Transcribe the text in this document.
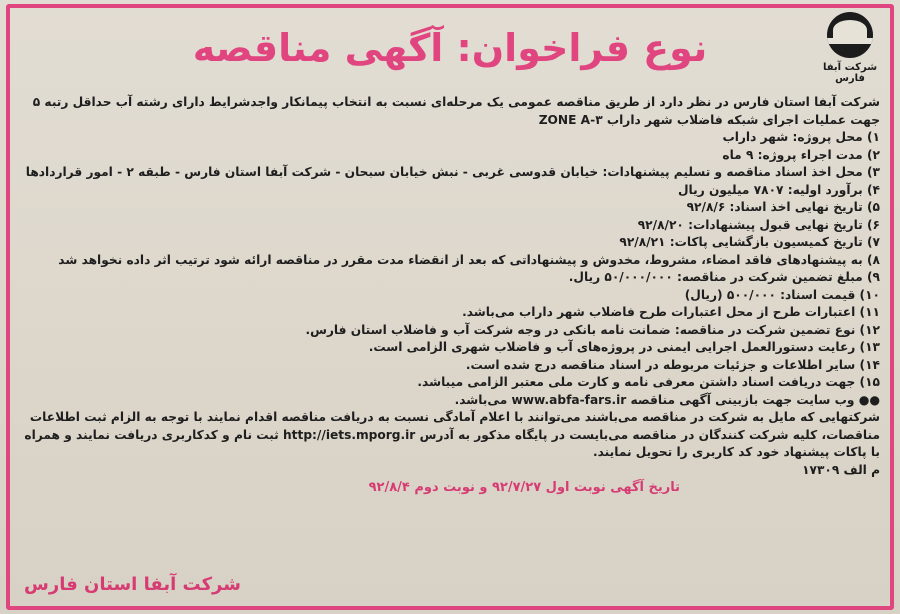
شرکت آبفا فارس
نوع فراخوان: آگهی مناقصه

شرکت آبفا استان فارس در نظر دارد از طریق مناقصه عمومی یک مرحله‌ای نسبت به انتخاب پیمانکار واجدشرایط دارای رشته آب حداقل رتبه ۵ جهت عملیات اجرای شبکه فاضلاب شهر داراب ۳-ZONE A

۱) محل پروژه: شهر داراب
۲) مدت اجراء پروژه: ۹ ماه
۳) محل اخذ اسناد مناقصه و تسلیم پیشنهادات: خیابان قدوسی غربی - نبش خیابان سبحان - شرکت آبفا استان فارس - طبقه ۲ - امور قراردادها
۴) برآورد اولیه: ۷۸۰۷ میلیون ریال
۵) تاریخ نهایی اخذ اسناد: ۹۲/۸/۶
۶) تاریخ نهایی قبول پیشنهادات: ۹۲/۸/۲۰
۷) تاریخ کمیسیون بازگشایی پاکات: ۹۲/۸/۲۱
۸) به پیشنهادهای فاقد امضاء، مشروط، مخدوش و پیشنهاداتی که بعد از انقضاء مدت مقرر در مناقصه ارائه شود ترتیب اثر داده نخواهد شد
۹) مبلغ تضمین شرکت در مناقصه: ۵۰/۰۰۰/۰۰۰ ریال.
۱۰) قیمت اسناد: ۵۰۰/۰۰۰ (ریال)
۱۱) اعتبارات طرح از محل اعتبارات طرح فاضلاب شهر داراب می‌باشد.
۱۲) نوع تضمین شرکت در مناقصه: ضمانت نامه بانکی در وجه شرکت آب و فاضلاب استان فارس.
۱۳) رعایت دستورالعمل اجرایی ایمنی در پروژه‌های آب و فاضلاب شهری الزامی است.
۱۴) سایر اطلاعات و جزئیات مربوطه در اسناد مناقصه درج شده است.
۱۵) جهت دریافت اسناد داشتن معرفی نامه و کارت ملی معتبر الزامی میباشد.
●● وب سایت جهت بازبینی آگهی مناقصه www.abfa-fars.ir می‌باشد.

شرکتهایی که مایل به شرکت در مناقصه می‌باشند می‌توانند با اعلام آمادگی نسبت به دریافت مناقصه اقدام نمایند با توجه به الزام ثبت اطلاعات مناقصات، کلیه شرکت کنندگان در مناقصه می‌بایست در پایگاه مذکور به آدرس http://iets.mporg.ir ثبت نام و کدکاربری دریافت نمایند و همراه با پاکات پیشنهاد خود کد کاربری را تحویل نمایند.

م الف ۱۷۳۰۹

تاریخ آگهی نوبت اول ۹۲/۷/۲۷ و نوبت دوم ۹۲/۸/۴

شرکت آبفا استان فارس
